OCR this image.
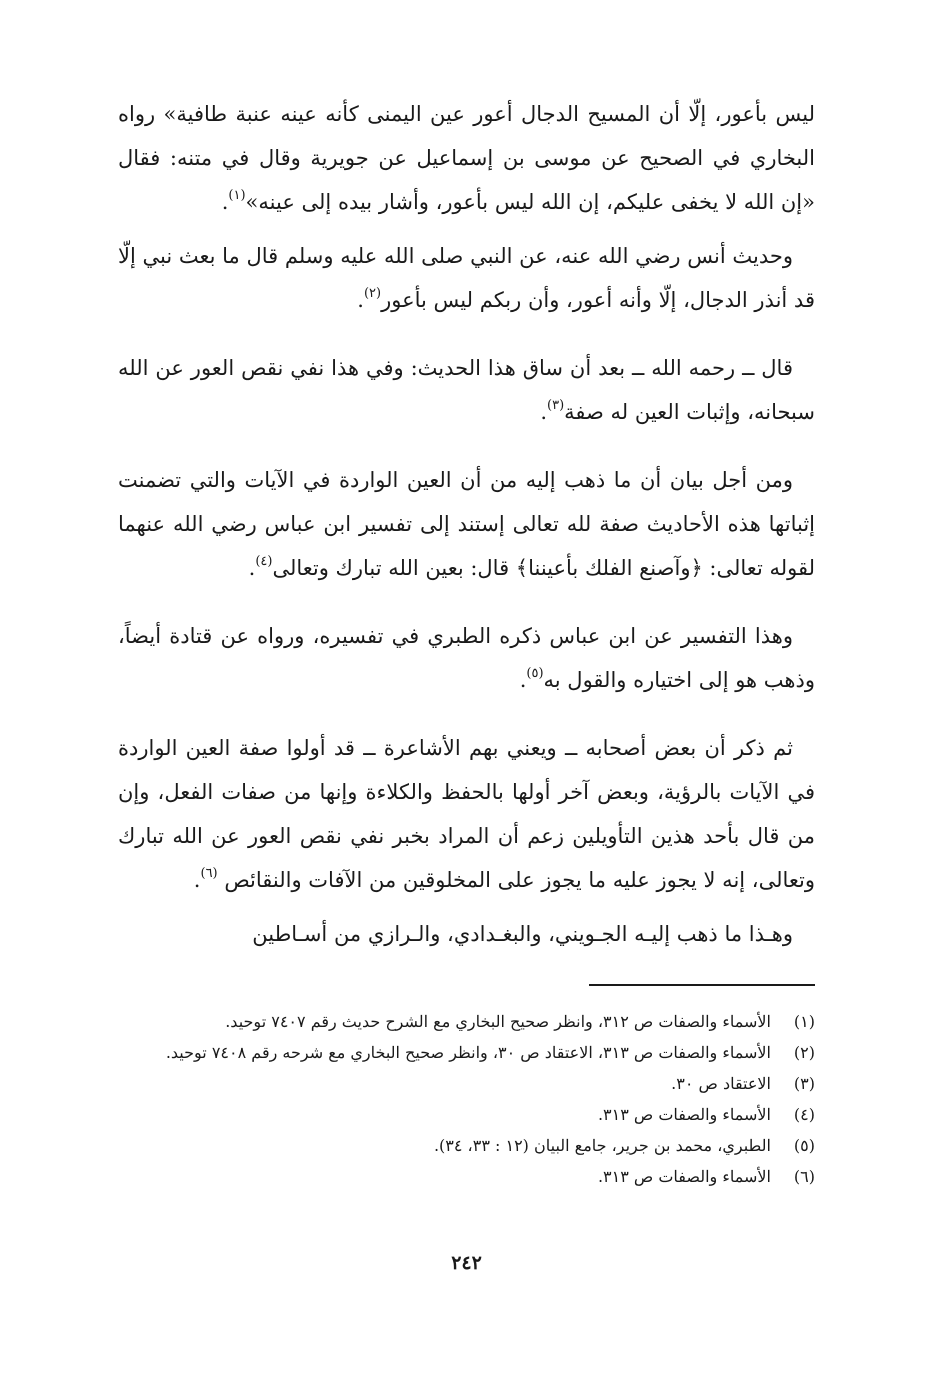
ليس بأعور، إلّا أن المسيح الدجال أعور عين اليمنى كأنه عينه عنبة طافية» رواه البخاري في الصحيح عن موسى بن إسماعيل عن جويرية وقال في متنه: فقال «إن الله لا يخفى عليكم، إن الله ليس بأعور، وأشار بيده إلى عينه»$^{(١)}$.

وحديث أنس رضي الله عنه، عن النبي صلى الله عليه وسلم قال ما بعث نبي إلّا قد أنذر الدجال، إلّا وأنه أعور، وأن ربكم ليس بأعور$^{(٢)}$.

قال ــ رحمه الله ــ بعد أن ساق هذا الحديث: وفي هذا نفي نقص العور عن الله سبحانه، وإثبات العين له صفة$^{(٣)}$.

ومن أجل بيان أن ما ذهب إليه من أن العين الواردة في الآيات والتي تضمنت إثباتها هذه الأحاديث صفة لله تعالى إستند إلى تفسير ابن عباس رضي الله عنهما لقوله تعالى: ﴿وآصنع الفلك بأعيننا﴾ قال: بعين الله تبارك وتعالى$^{(٤)}$.

وهذا التفسير عن ابن عباس ذكره الطبري في تفسيره، ورواه عن قتادة أيضاً، وذهب هو إلى اختياره والقول به$^{(٥)}$.

ثم ذكر أن بعض أصحابه ــ ويعني بهم الأشاعرة ــ قد أولوا صفة العين الواردة في الآيات بالرؤية، وبعض آخر أولها بالحفظ والكلاءة وإنها من صفات الفعل، وإن من قال بأحد هذين التأويلين زعم أن المراد بخبر نفي نقص العور عن الله تبارك وتعالى، إنه لا يجوز عليه ما يجوز على المخلوقين من الآفات والنقائص $^{(٦)}$.

وهـذا ما ذهب إليـه الجـويني، والبغـدادي، والـرازي من أسـاطين

(١)
الأسماء والصفات ص ٣١٢، وانظر صحيح البخاري مع الشرح حديث رقم ٧٤٠٧ توحيد.
(٢)
الأسماء والصفات ص ٣١٣، الاعتقاد ص ٣٠، وانظر صحيح البخاري مع شرحه رقم ٧٤٠٨ توحيد.
(٣)
الاعتقاد ص ٣٠.
(٤)
الأسماء والصفات ص ٣١٣.
(٥)
الطبري، محمد بن جرير، جامع البيان (١٢ : ٣٣، ٣٤).
(٦)
الأسماء والصفات ص ٣١٣.
٢٤٢
